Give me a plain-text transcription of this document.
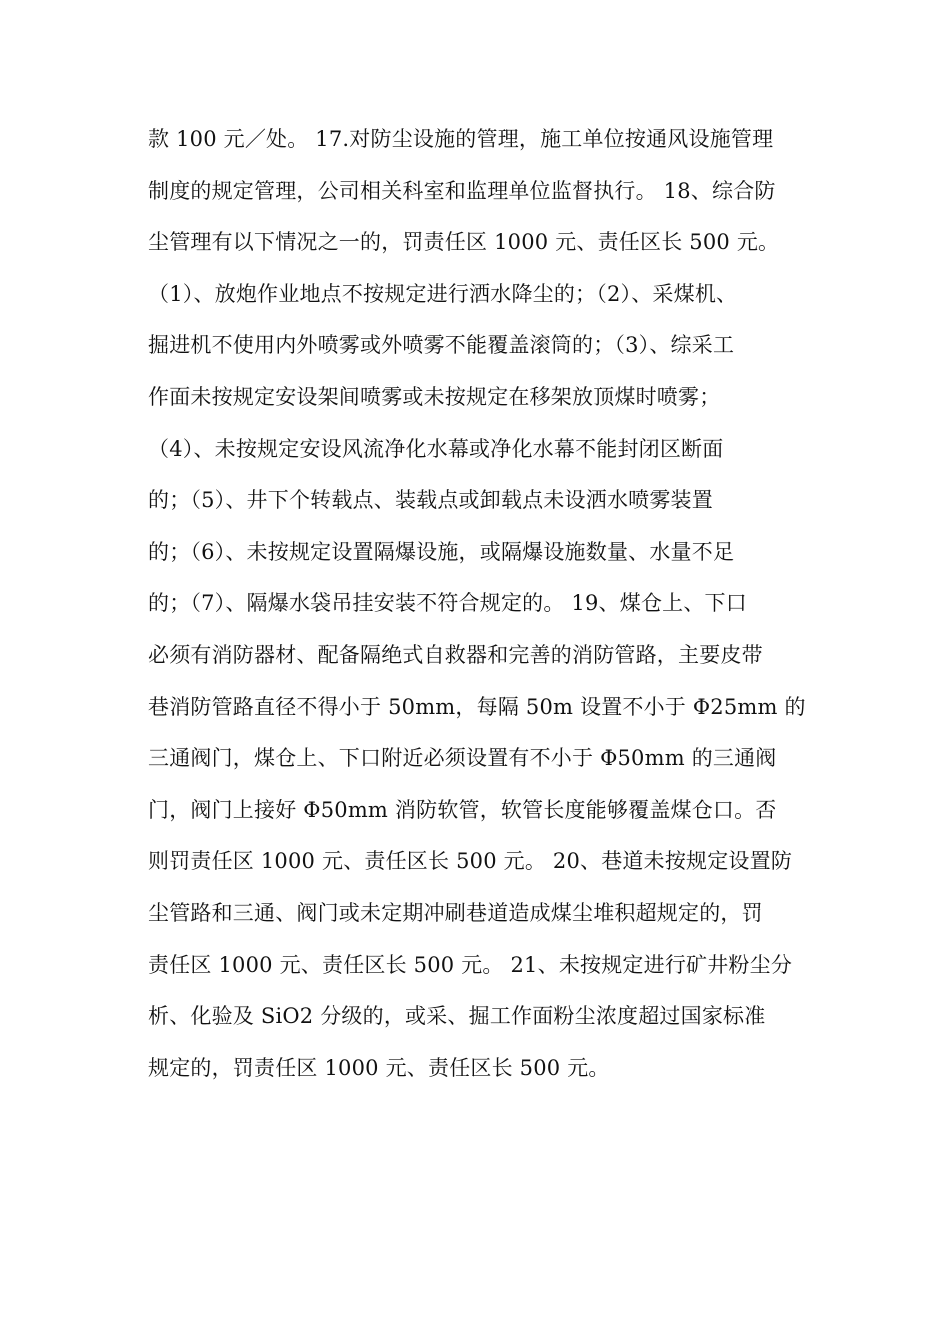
款 100 元／处。 17.对防尘设施的管理，施工单位按通风设施管理
制度的规定管理，公司相关科室和监理单位监督执行。 18、综合防
尘管理有以下情况之一的，罚责任区 1000 元、责任区长 500 元。
（1）、放炮作业地点不按规定进行洒水降尘的；（2）、采煤机、
掘进机不使用内外喷雾或外喷雾不能覆盖滚筒的；（3）、综采工
作面未按规定安设架间喷雾或未按规定在移架放顶煤时喷雾；
（4）、未按规定安设风流净化水幕或净化水幕不能封闭区断面
的；（5）、井下个转载点、装载点或卸载点未设洒水喷雾装置
的；（6）、未按规定设置隔爆设施，或隔爆设施数量、水量不足
的；（7）、隔爆水袋吊挂安装不符合规定的。 19、煤仓上、下口
必须有消防器材、配备隔绝式自救器和完善的消防管路，主要皮带
巷消防管路直径不得小于 50mm，每隔 50m 设置不小于 Φ25mm 的
三通阀门，煤仓上、下口附近必须设置有不小于 Φ50mm 的三通阀
门，阀门上接好 Φ50mm 消防软管，软管长度能够覆盖煤仓口。否
则罚责任区 1000 元、责任区长 500 元。 20、巷道未按规定设置防
尘管路和三通、阀门或未定期冲刷巷道造成煤尘堆积超规定的，罚
责任区 1000 元、责任区长 500 元。 21、未按规定进行矿井粉尘分
析、化验及 SiO2 分级的，或采、掘工作面粉尘浓度超过国家标准
规定的，罚责任区 1000 元、责任区长 500 元。
